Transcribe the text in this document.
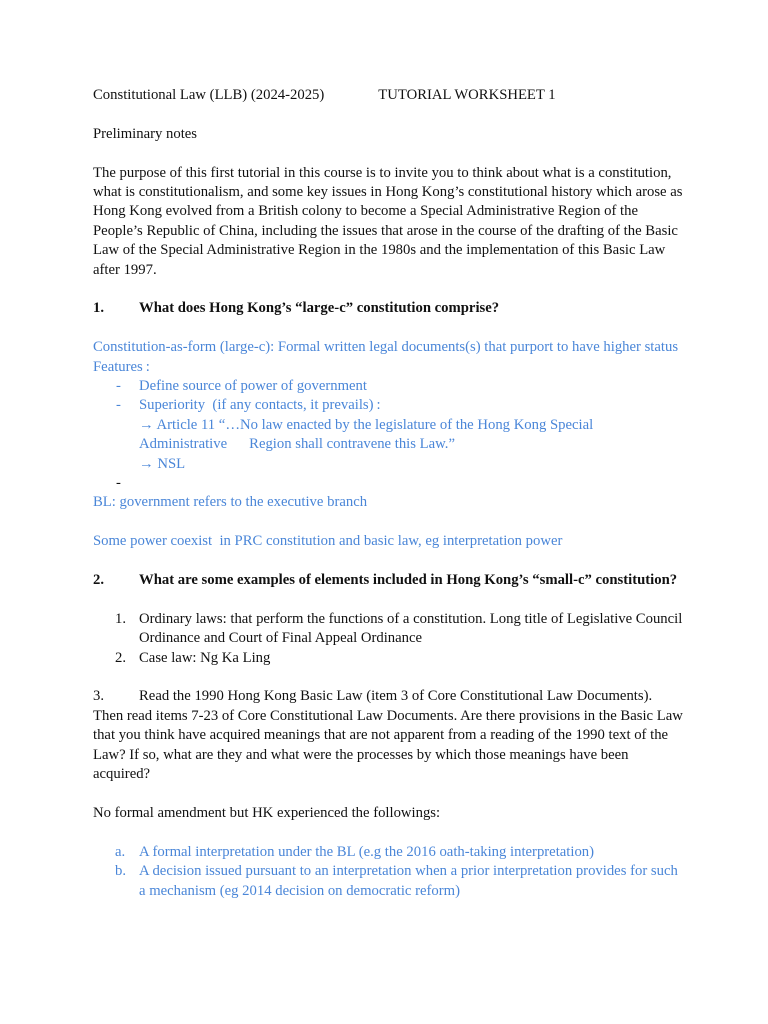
Constitutional Law (LLB) (2024-2025)	TUTORIAL WORKSHEET 1

Preliminary notes

The purpose of this first tutorial in this course is to invite you to think about what is a constitution, what is constitutionalism, and some key issues in Hong Kong’s constitutional history which arose as Hong Kong evolved from a British colony to become a Special Administrative Region of the People’s Republic of China, including the issues that arose in the course of the drafting of the Basic Law of the Special Administrative Region in the 1980s and the implementation of this Basic Law after 1997.

1. What does Hong Kong’s “large-c” constitution comprise?

Constitution-as-form (large-c): Formal written legal documents(s) that purport to have higher status

Features :

- Define source of power of government
- Superiority  (if any contacts, it prevails) :

→ Article 11 “…No law enacted by the legislature of the Hong Kong Special Administrative      Region shall contravene this Law.”

→ NSL

-

BL: government refers to the executive branch

Some power coexist  in PRC constitution and basic law, eg interpretation power

2. What are some examples of elements included in Hong Kong’s “small-c” constitution?

1. Ordinary laws: that perform the functions of a constitution. Long title of Legislative Council Ordinance and Court of Final Appeal Ordinance
2. Case law: Ng Ka Ling

3. Read the 1990 Hong Kong Basic Law (item 3 of Core Constitutional Law Documents). Then read items 7-23 of Core Constitutional Law Documents. Are there provisions in the Basic Law that you think have acquired meanings that are not apparent from a reading of the 1990 text of the Law? If so, what are they and what were the processes by which those meanings have been acquired?

No formal amendment but HK experienced the followings:

a. A formal interpretation under the BL (e.g the 2016 oath-taking interpretation)
b. A decision issued pursuant to an interpretation when a prior interpretation provides for such a mechanism (eg 2014 decision on democratic reform)
